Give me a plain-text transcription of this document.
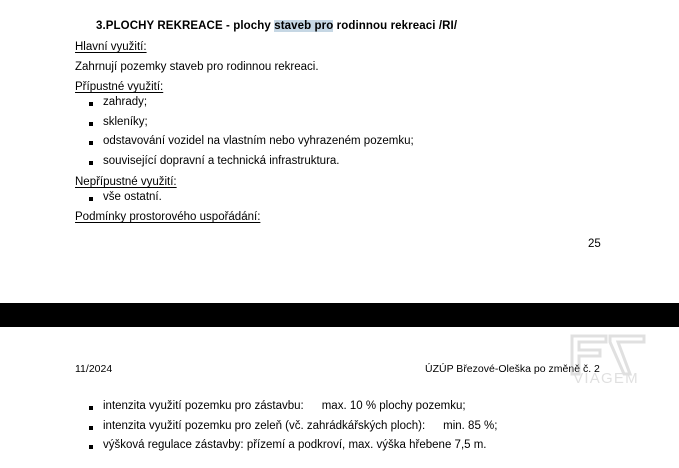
3.PLOCHY REKREACE - plochy staveb pro rodinnou rekreaci /RI/
Hlavní využití:
Zahrnují pozemky staveb pro rodinnou rekreaci.
Přípustné využití:
zahrady;
skleníky;
odstavování vozidel na vlastním nebo vyhrazeném pozemku;
související dopravní a technická infrastruktura.
Nepřípustné využití:
vše ostatní.
Podmínky prostorového uspořádání:
25
11/2024	ÚZÚP Březové-Oleška po změně č. 2
intenzita využití pozemku pro zástavbu: max. 10 % plochy pozemku;
intenzita využití pozemku pro zeleň (vč. zahrádkářských ploch): min. 85 %;
výšková regulace zástavby: přízemí a podkroví, max. výška hřebene 7,5 m.
VIAGEM
